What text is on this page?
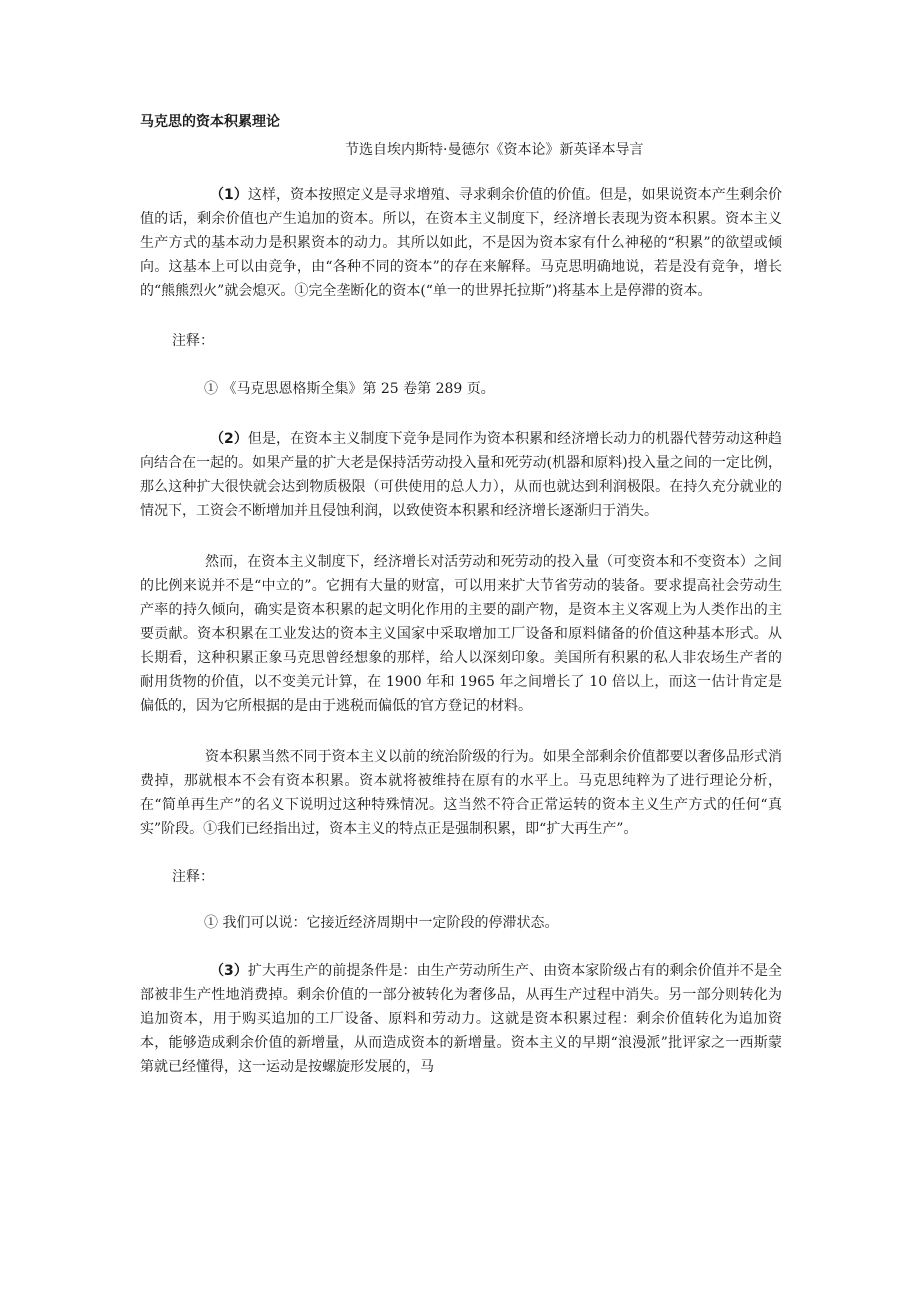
马克思的资本积累理论

节选自埃内斯特·曼德尔《资本论》新英译本导言

（1）这样，资本按照定义是寻求增殖、寻求剩余价值的价值。但是，如果说资本产生剩余价值的话，剩余价值也产生追加的资本。所以，在资本主义制度下，经济增长表现为资本积累。资本主义生产方式的基本动力是积累资本的动力。其所以如此，不是因为资本家有什么神秘的“积累”的欲望或倾向。这基本上可以由竞争，由“各种不同的资本”的存在来解释。马克思明确地说，若是没有竞争，增长的“熊熊烈火”就会熄灭。①完全垄断化的资本(“单一的世界托拉斯”)将基本上是停滞的资本。

注释：

① 《马克思恩格斯全集》第 25 卷第 289 页。

（2）但是，在资本主义制度下竞争是同作为资本积累和经济增长动力的机器代替劳动这种趋向结合在一起的。如果产量的扩大老是保持活劳动投入量和死劳动(机器和原料)投入量之间的一定比例，那么这种扩大很快就会达到物质极限（可供使用的总人力），从而也就达到利润极限。在持久充分就业的情况下，工资会不断增加并且侵蚀利润，以致使资本积累和经济增长逐渐归于消失。

然而，在资本主义制度下，经济增长对活劳动和死劳动的投入量（可变资本和不变资本）之间的比例来说并不是“中立的”。它拥有大量的财富，可以用来扩大节省劳动的装备。要求提高社会劳动生产率的持久倾向，确实是资本积累的起文明化作用的主要的副产物，是资本主义客观上为人类作出的主要贡献。资本积累在工业发达的资本主义国家中采取增加工厂设备和原料储备的价值这种基本形式。从长期看，这种积累正象马克思曾经想象的那样，给人以深刻印象。美国所有积累的私人非农场生产者的耐用货物的价值，以不变美元计算，在 1900 年和 1965 年之间增长了 10 倍以上，而这一估计肯定是偏低的，因为它所根据的是由于逃税而偏低的官方登记的材料。

资本积累当然不同于资本主义以前的统治阶级的行为。如果全部剩余价值都要以奢侈品形式消费掉，那就根本不会有资本积累。资本就将被维持在原有的水平上。马克思纯粹为了进行理论分析，在“简单再生产”的名义下说明过这种特殊情况。这当然不符合正常运转的资本主义生产方式的任何“真实”阶段。①我们已经指出过，资本主义的特点正是强制积累，即“扩大再生产”。

注释：

① 我们可以说：它接近经济周期中一定阶段的停滞状态。

（3）扩大再生产的前提条件是：由生产劳动所生产、由资本家阶级占有的剩余价值并不是全部被非生产性地消费掉。剩余价值的一部分被转化为奢侈品，从再生产过程中消失。另一部分则转化为追加资本，用于购买追加的工厂设备、原料和劳动力。这就是资本积累过程：剩余价值转化为追加资本，能够造成剩余价值的新增量，从而造成资本的新增量。资本主义的早期“浪漫派”批评家之一西斯蒙第就已经懂得，这一运动是按螺旋形发展的，马
